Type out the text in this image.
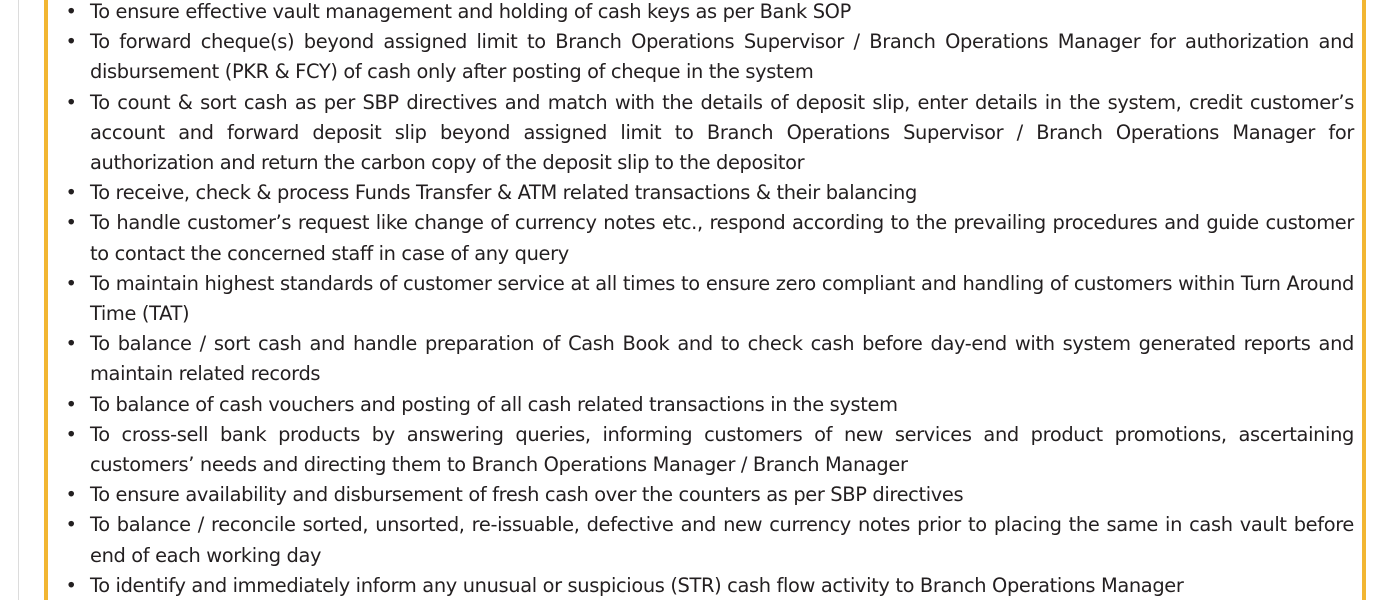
• To ensure effective vault management and holding of cash keys as per Bank SOP
• To forward cheque(s) beyond assigned limit to Branch Operations Supervisor / Branch Operations Manager for authorization and disbursement (PKR & FCY) of cash only after posting of cheque in the system
• To count & sort cash as per SBP directives and match with the details of deposit slip, enter details in the system, credit customer’s account and forward deposit slip beyond assigned limit to Branch Operations Supervisor / Branch Operations Manager for authorization and return the carbon copy of the deposit slip to the depositor
• To receive, check & process Funds Transfer & ATM related transactions & their balancing
• To handle customer’s request like change of currency notes etc., respond according to the prevailing procedures and guide customer to contact the concerned staff in case of any query
• To maintain highest standards of customer service at all times to ensure zero compliant and handling of customers within Turn Around Time (TAT)
• To balance / sort cash and handle preparation of Cash Book and to check cash before day-end with system generated reports and maintain related records
• To balance of cash vouchers and posting of all cash related transactions in the system
• To cross-sell bank products by answering queries, informing customers of new services and product promotions, ascertaining customers’ needs and directing them to Branch Operations Manager / Branch Manager
• To ensure availability and disbursement of fresh cash over the counters as per SBP directives
• To balance / reconcile sorted, unsorted, re-issuable, defective and new currency notes prior to placing the same in cash vault before end of each working day
• To identify and immediately inform any unusual or suspicious (STR) cash flow activity to Branch Operations Manager
